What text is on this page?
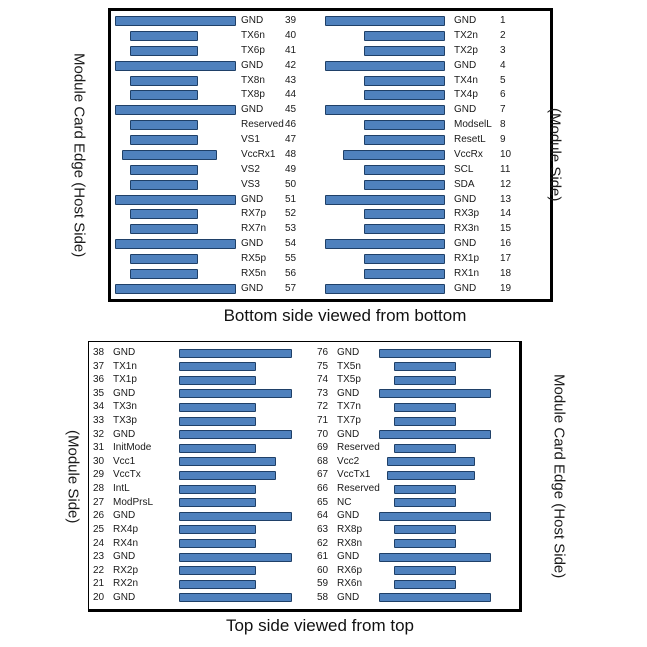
Module Card Edge (Host Side)
GND	39
TX6n	40
TX6p	41
GND	42
TX8n	43
TX8p	44
GND	45
Reserved 46
VS1	47
VccRx1 48
VS2	49
VS3	50
GND	51
RX7p	52
RX7n	53
GND	54
RX5p	55
RX5n	56
GND	57
GND	1
TX2n	2
TX2p	3
GND	4
TX4n	5
TX4p	6
GND	7
ModselL 8
ResetL	9
VccRx	10
SCL	11
SDA	12
GND	13
RX3p	14
RX3n	15
GND	16
RX1p	17
RX1n	18
GND	19
(Module Side)
Bottom side viewed from bottom
(Module Side)
38 GND
37 TX1n
36 TX1p
35 GND
34 TX3n
33 TX3p
32 GND
31 InitMode
30 Vcc1
29 VccTx
28 IntL
27 ModPrsL
26 GND
25 RX4p
24 RX4n
23 GND
22 RX2p
21 RX2n
20 GND
76 GND
75 TX5n
74 TX5p
73 GND
72 TX7n
71 TX7p
70 GND
69 Reserved
68 Vcc2
67 VccTx1
66 Reserved
65 NC
64 GND
63 RX8p
62 RX8n
61 GND
60 RX6p
59 RX6n
58 GND
Module Card Edge (Host Side)
Top side viewed from top
